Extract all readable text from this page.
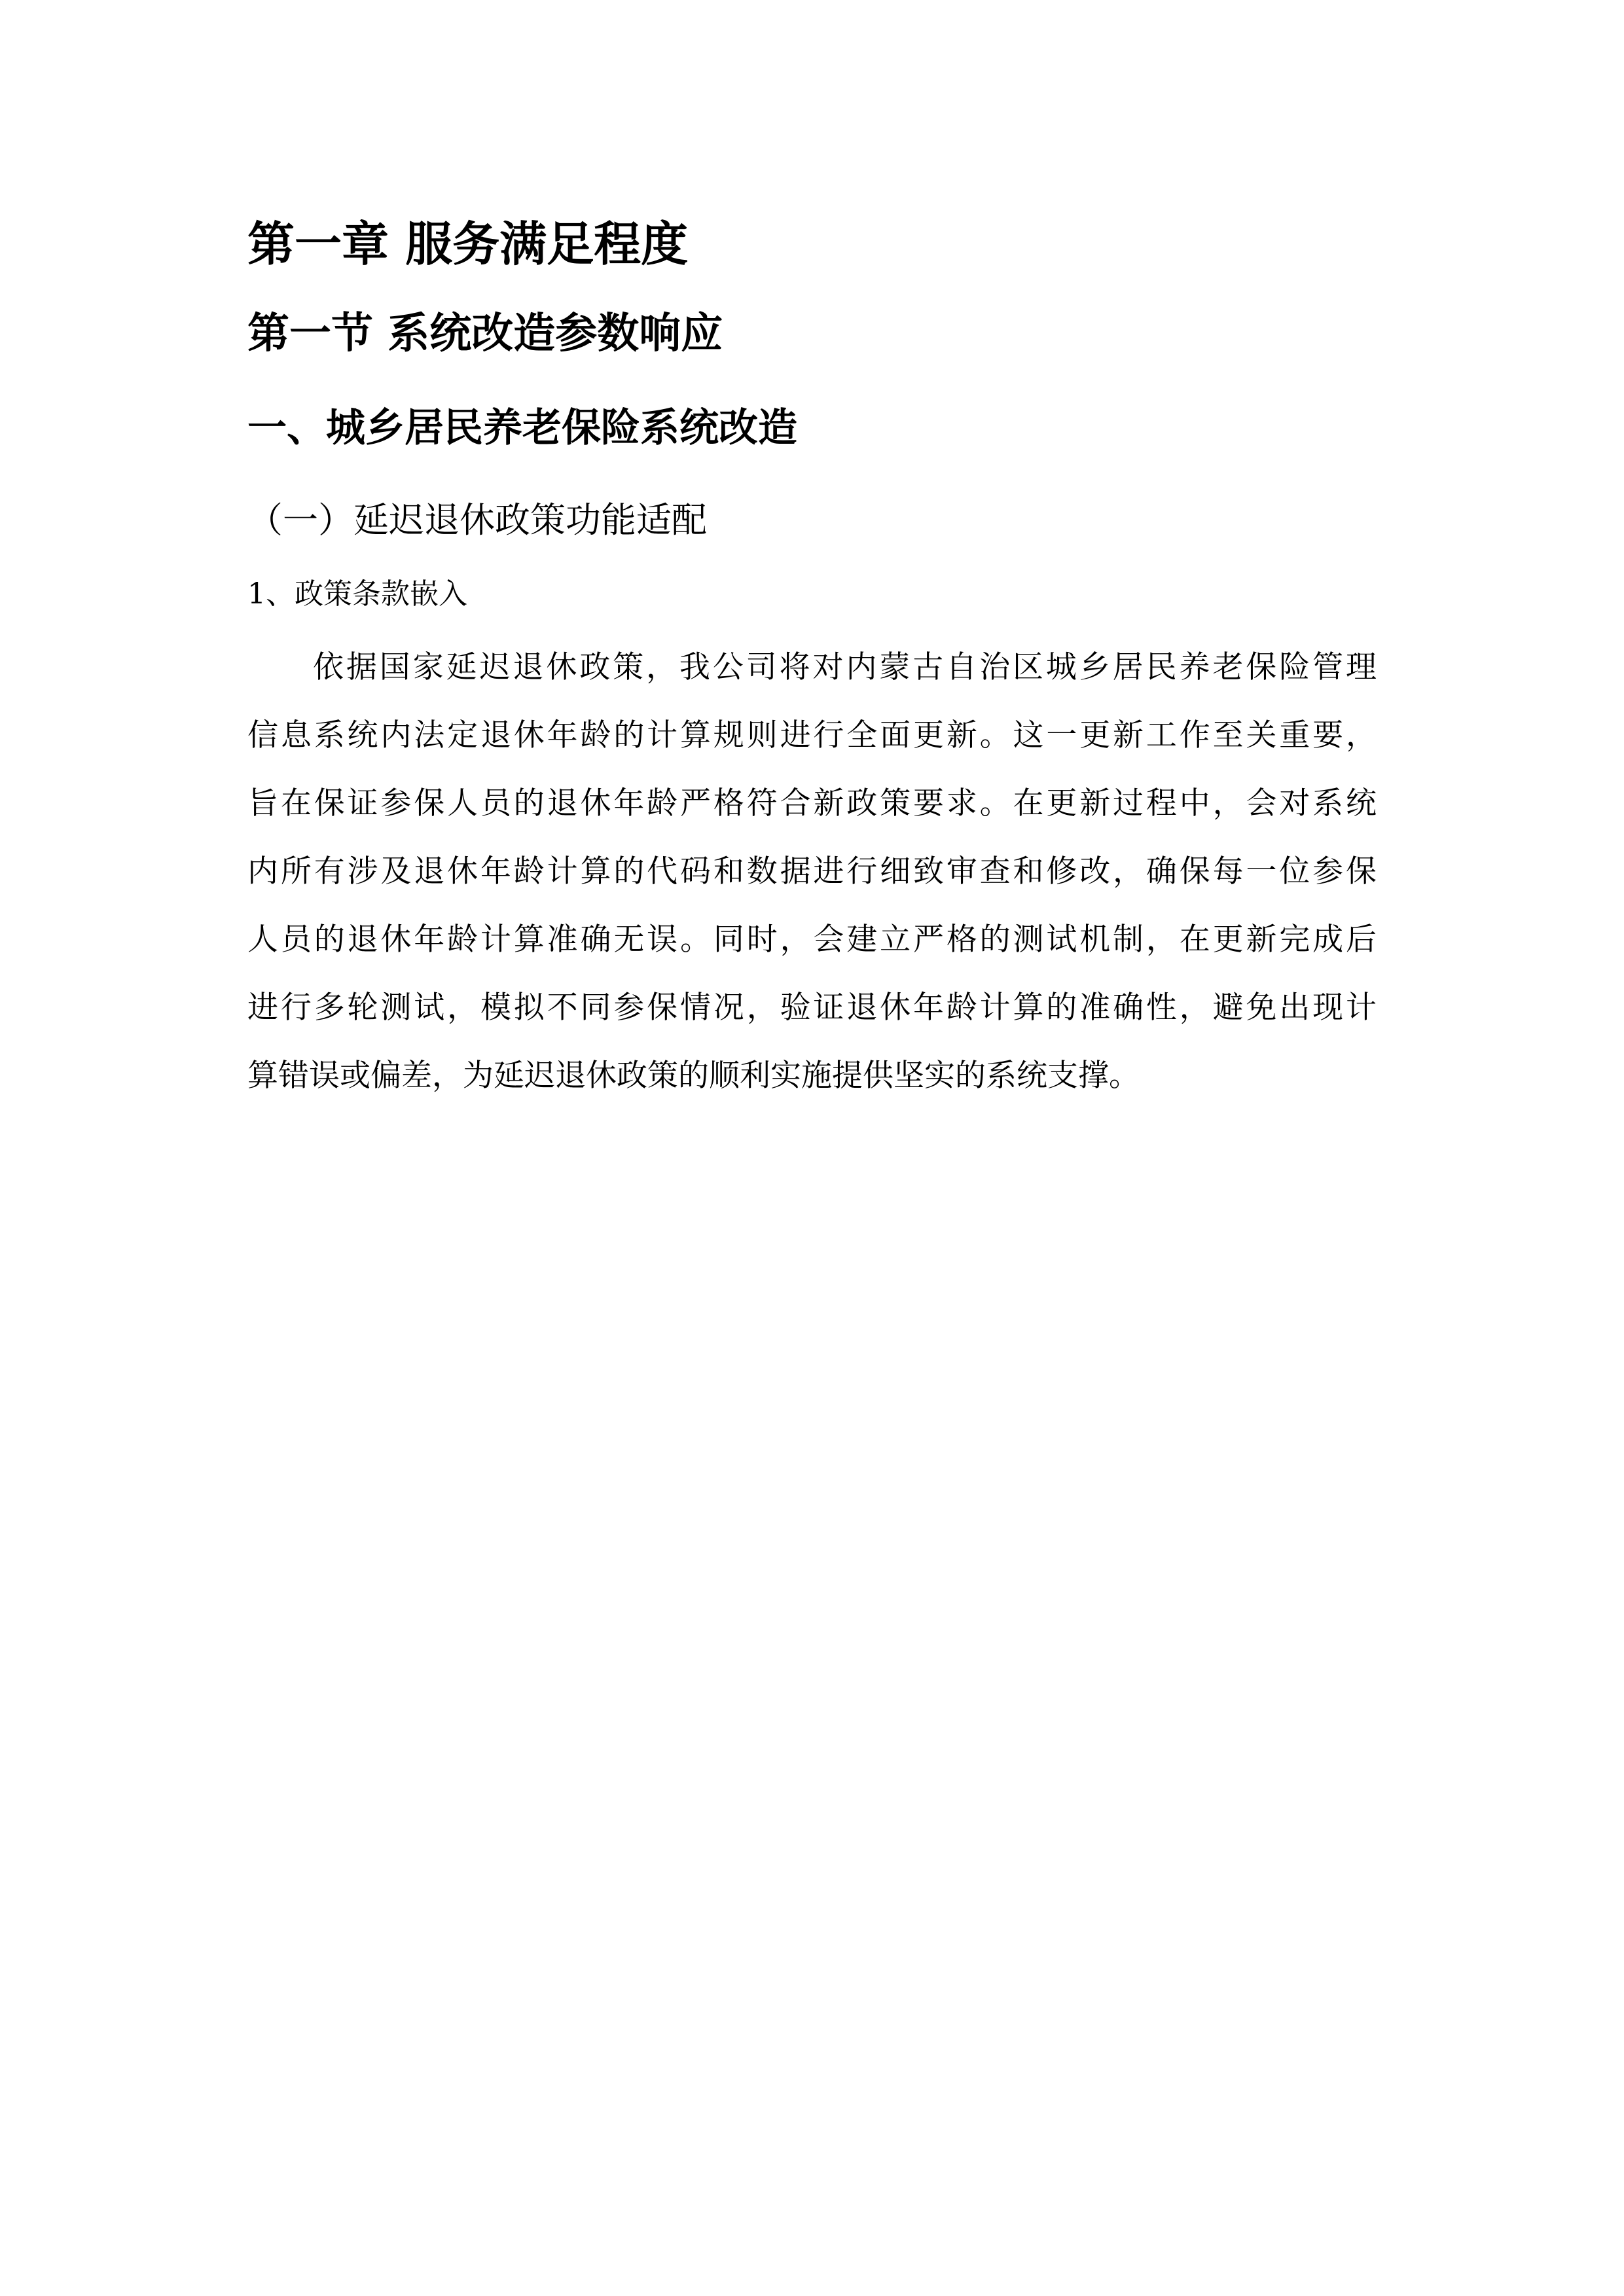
第一章 服务满足程度
第一节 系统改造参数响应
一、城乡居民养老保险系统改造
（一）延迟退休政策功能适配
1、政策条款嵌入
依据国家延迟退休政策，我公司将对内蒙古自治区城乡居民养老保险管理
信息系统内法定退休年龄的计算规则进行全面更新。这一更新工作至关重要，
旨在保证参保人员的退休年龄严格符合新政策要求。在更新过程中，会对系统
内所有涉及退休年龄计算的代码和数据进行细致审查和修改，确保每一位参保
人员的退休年龄计算准确无误。同时，会建立严格的测试机制，在更新完成后
进行多轮测试，模拟不同参保情况，验证退休年龄计算的准确性，避免出现计
算错误或偏差，为延迟退休政策的顺利实施提供坚实的系统支撑。
